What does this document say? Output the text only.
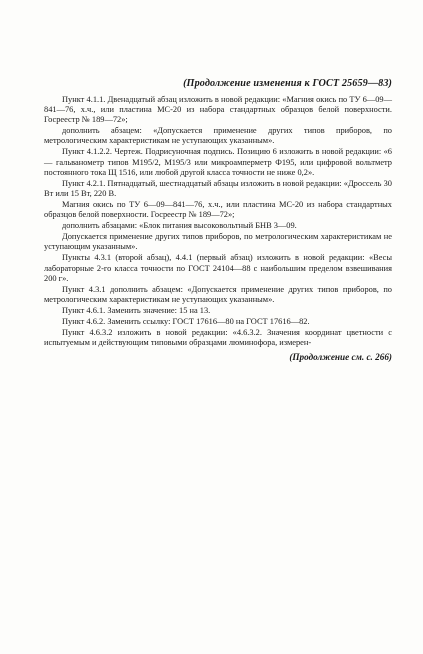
(Продолжение изменения к ГОСТ 25659—83)

Пункт 4.1.1. Двенадцатый абзац изложить в новой редакции: «Магния окись по ТУ 6—09—841—76, х.ч., или пластина МС-20 из набора стандартных образцов белой поверхности. Госреестр № 189—72»;

дополнить абзацем: «Допускается применение других типов приборов, по метрологическим характеристикам не уступающих указанным».

Пункт 4.1.2.2. Чертеж. Подрисуночная подпись. Позицию 6 изложить в новой редакции: «6 — гальванометр типов М195/2, М195/3 или микроамперметр Ф195, или цифровой вольтметр постоянного тока Щ 1516, или любой другой класса точности не ниже 0,2».

Пункт 4.2.1. Пятнадцатый, шестнадцатый абзацы изложить в новой редакции: «Дроссель 30 Вт или 15 Вт, 220 В.

Магния окись по ТУ 6—09—841—76, х.ч., или пластина МС-20 из набора стандартных образцов белой поверхности. Госреестр № 189—72»;

дополнить абзацами: «Блок питания высоковольтный БНВ 3—09.

Допускается применение других типов приборов, по метрологическим характеристикам не уступающим указанным».

Пункты 4.3.1 (второй абзац), 4.4.1 (первый абзац) изложить в новой редакции: «Весы лабораторные 2-го класса точности по ГОСТ 24104—88 с наибольшим пределом взвешивания 200 г».

Пункт 4.3.1 дополнить абзацем: «Допускается применение других типов приборов, по метрологическим характеристикам не уступающих указанным».

Пункт 4.6.1. Заменить значение: 15 на 13.

Пункт 4.6.2. Заменить ссылку: ГОСТ 17616—80 на ГОСТ 17616—82.

Пункт 4.6.3.2 изложить в новой редакции: «4.6.3.2. Значения координат цветности с испытуемым и действующим типовыми образцами люминофора, измерен-

(Продолжение см. с. 266)
